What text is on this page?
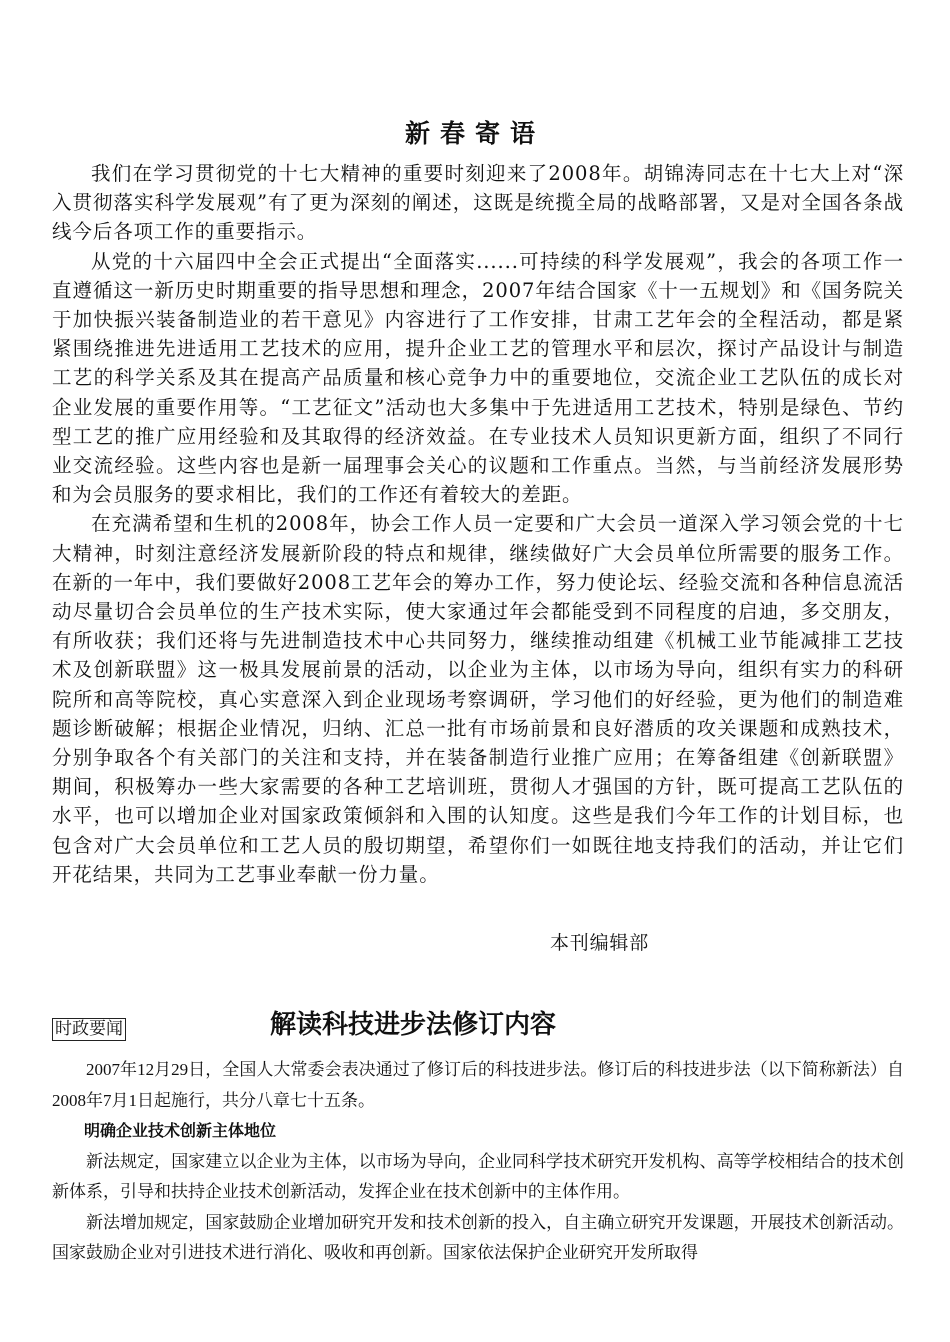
新春寄语

我们在学习贯彻党的十七大精神的重要时刻迎来了2008年。胡锦涛同志在十七大上对“深入贯彻落实科学发展观”有了更为深刻的阐述，这既是统揽全局的战略部署，又是对全国各条战线今后各项工作的重要指示。

从党的十六届四中全会正式提出“全面落实......可持续的科学发展观”，我会的各项工作一直遵循这一新历史时期重要的指导思想和理念，2007年结合国家《十一五规划》和《国务院关于加快振兴装备制造业的若干意见》内容进行了工作安排，甘肃工艺年会的全程活动，都是紧紧围绕推进先进适用工艺技术的应用，提升企业工艺的管理水平和层次，探讨产品设计与制造工艺的科学关系及其在提高产品质量和核心竞争力中的重要地位，交流企业工艺队伍的成长对企业发展的重要作用等。“工艺征文”活动也大多集中于先进适用工艺技术，特别是绿色、节约型工艺的推广应用经验和及其取得的经济效益。在专业技术人员知识更新方面，组织了不同行业交流经验。这些内容也是新一届理事会关心的议题和工作重点。当然，与当前经济发展形势和为会员服务的要求相比，我们的工作还有着较大的差距。

在充满希望和生机的2008年，协会工作人员一定要和广大会员一道深入学习领会党的十七大精神，时刻注意经济发展新阶段的特点和规律，继续做好广大会员单位所需要的服务工作。在新的一年中，我们要做好2008工艺年会的筹办工作，努力使论坛、经验交流和各种信息流活动尽量切合会员单位的生产技术实际，使大家通过年会都能受到不同程度的启迪，多交朋友，有所收获；我们还将与先进制造技术中心共同努力，继续推动组建《机械工业节能减排工艺技术及创新联盟》这一极具发展前景的活动，以企业为主体，以市场为导向，组织有实力的科研院所和高等院校，真心实意深入到企业现场考察调研，学习他们的好经验，更为他们的制造难题诊断破解；根据企业情况，归纳、汇总一批有市场前景和良好潜质的攻关课题和成熟技术，分别争取各个有关部门的关注和支持，并在装备制造行业推广应用；在筹备组建《创新联盟》期间，积极筹办一些大家需要的各种工艺培训班，贯彻人才强国的方针，既可提高工艺队伍的水平，也可以增加企业对国家政策倾斜和入围的认知度。这些是我们今年工作的计划目标，也包含对广大会员单位和工艺人员的殷切期望，希望你们一如既往地支持我们的活动，并让它们开花结果，共同为工艺事业奉献一份力量。

本刊编辑部
时政要闻	解读科技进步法修订内容

2007年12月29日，全国人大常委会表决通过了修订后的科技进步法。修订后的科技进步法（以下简称新法）自2008年7月1日起施行，共分八章七十五条。

明确企业技术创新主体地位

新法规定，国家建立以企业为主体，以市场为导向，企业同科学技术研究开发机构、高等学校相结合的技术创新体系，引导和扶持企业技术创新活动，发挥企业在技术创新中的主体作用。

新法增加规定，国家鼓励企业增加研究开发和技术创新的投入，自主确立研究开发课题，开展技术创新活动。国家鼓励企业对引进技术进行消化、吸收和再创新。国家依法保护企业研究开发所取得
